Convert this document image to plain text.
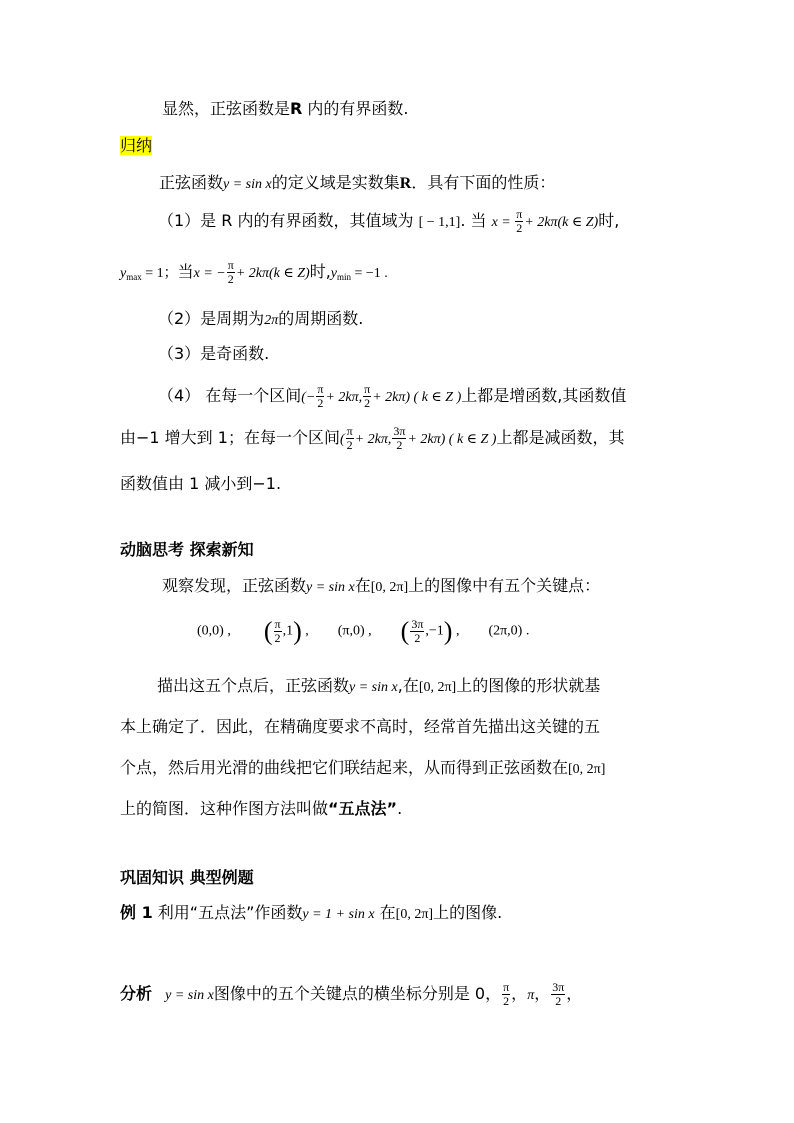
显然，正弦函数是R 内的有界函数.
归纳
正弦函数y = sin x的定义域是实数集R．具有下面的性质：
（1）是 R 内的有界函数，其值域为 [ − 1,1]. 当 $x = \frac{\pi}{2} + 2k\pi(k$ ∈ Z)时,
$y_{max} = 1$；当x = − $\frac{\pi}{2} + 2k\pi(k$ ∈ Z)时$,y_{min} = -1$ .
（2）是周期为2π的周期函数.
（3）是奇函数.
（4） 在每一个区间(− $\frac{\pi}{2} + 2k\pi$, $\frac{\pi}{2} + 2k\pi$) ( k ∈ Z )上都是增函数,其函数值
由−1 增大到 1；在每一个区间( $\frac{\pi}{2} + 2k\pi$, $\frac{3\pi}{2} + 2k\pi$) ( k ∈ Z )上都是减函数，其
函数值由 1 减小到−1.
动脑思考 探索新知
观察发现，正弦函数y = sin x在[0, 2π]上的图像中有五个关键点：
(0,0) , ( $\frac{\pi}{2} ,1$) , (π,0) , ( $\frac{3\pi}{2} ,-1$) , (2π,0) .
描出这五个点后，正弦函数y = sin x,在[0, 2π]上的图像的形状就基
本上确定了．因此，在精确度要求不高时，经常首先描出这关键的五
个点，然后用光滑的曲线把它们联结起来，从而得到正弦函数在[0, 2π]
上的简图．这种作图方法叫做“五点法”.
巩固知识 典型例题
例 1 利用“五点法”作函数y = 1 + sin x 在[0, 2π]上的图像.
分析 y = sin x图像中的五个关键点的横坐标分别是 0， $\frac{\pi}{2}$ ，π， $\frac{3\pi}{2}$ ，
